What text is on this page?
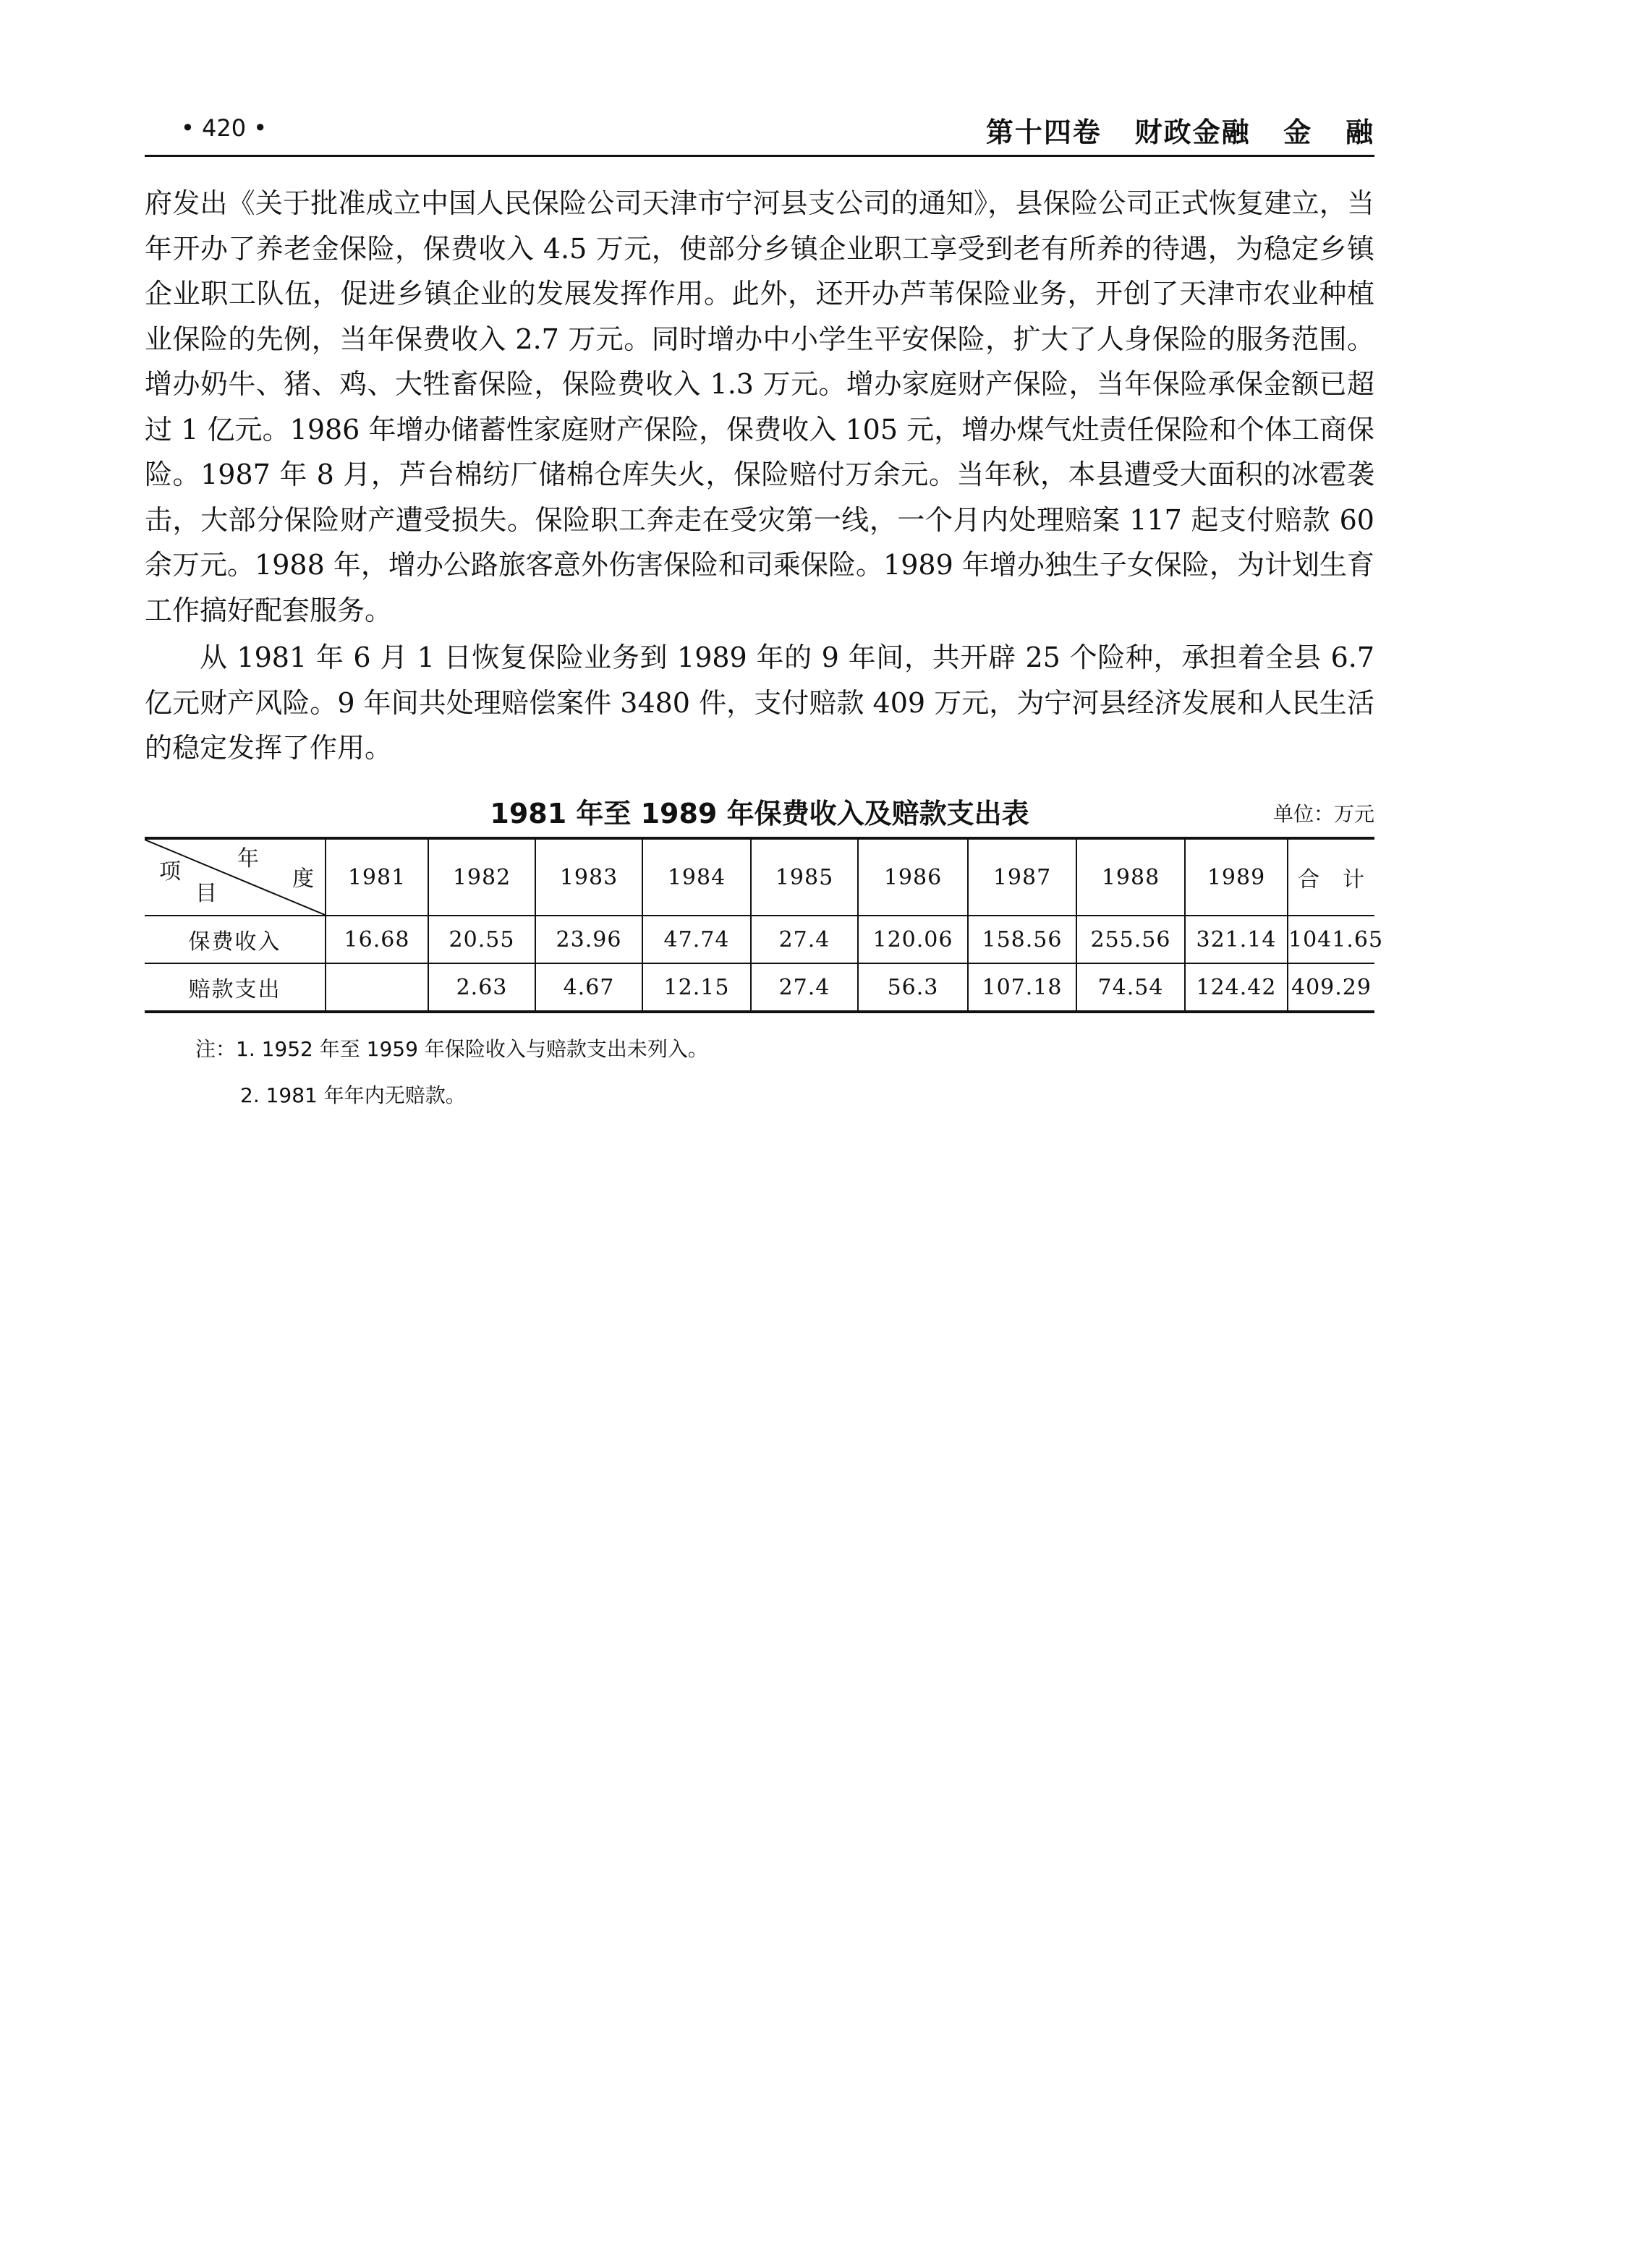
• 420 •	第十四卷   财政金融   金   融

府发出《关于批准成立中国人民保险公司天津市宁河县支公司的通知》，县保险公司正式恢复建立，当年开办了养老金保险，保费收入 4.5 万元，使部分乡镇企业职工享受到老有所养的待遇，为稳定乡镇企业职工队伍，促进乡镇企业的发展发挥作用。此外，还开办芦苇保险业务，开创了天津市农业种植业保险的先例，当年保费收入 2.7 万元。同时增办中小学生平安保险，扩大了人身保险的服务范围。增办奶牛、猪、鸡、大牲畜保险，保险费收入 1.3 万元。增办家庭财产保险，当年保险承保金额已超过 1 亿元。1986 年增办储蓄性家庭财产保险，保费收入 105 元，增办煤气灶责任保险和个体工商保险。1987 年 8 月，芦台棉纺厂储棉仓库失火，保险赔付万余元。当年秋，本县遭受大面积的冰雹袭击，大部分保险财产遭受损失。保险职工奔走在受灾第一线，一个月内处理赔案 117 起支付赔款 60 余万元。1988 年，增办公路旅客意外伤害保险和司乘保险。1989 年增办独生子女保险，为计划生育工作搞好配套服务。

从 1981 年 6 月 1 日恢复保险业务到 1989 年的 9 年间，共开辟 25 个险种，承担着全县 6.7 亿元财产风险。9 年间共处理赔偿案件 3480 件，支付赔款 409 万元，为宁河县经济发展和人民生活的稳定发挥了作用。

1981 年至 1989 年保费收入及赔款支出表	单位：万元
年
度
项
目	1981	1982	1983	1984	1985	1986	1987	1988	1989	合　计
保费收入	16.68	20.55	23.96	47.74	27.4	120.06	158.56	255.56	321.14	1041.65
赔款支出		2.63	4.67	12.15	27.4	56.3	107.18	74.54	124.42	409.29

注：1. 1952 年至 1959 年保险收入与赔款支出未列入。

2. 1981 年年内无赔款。
